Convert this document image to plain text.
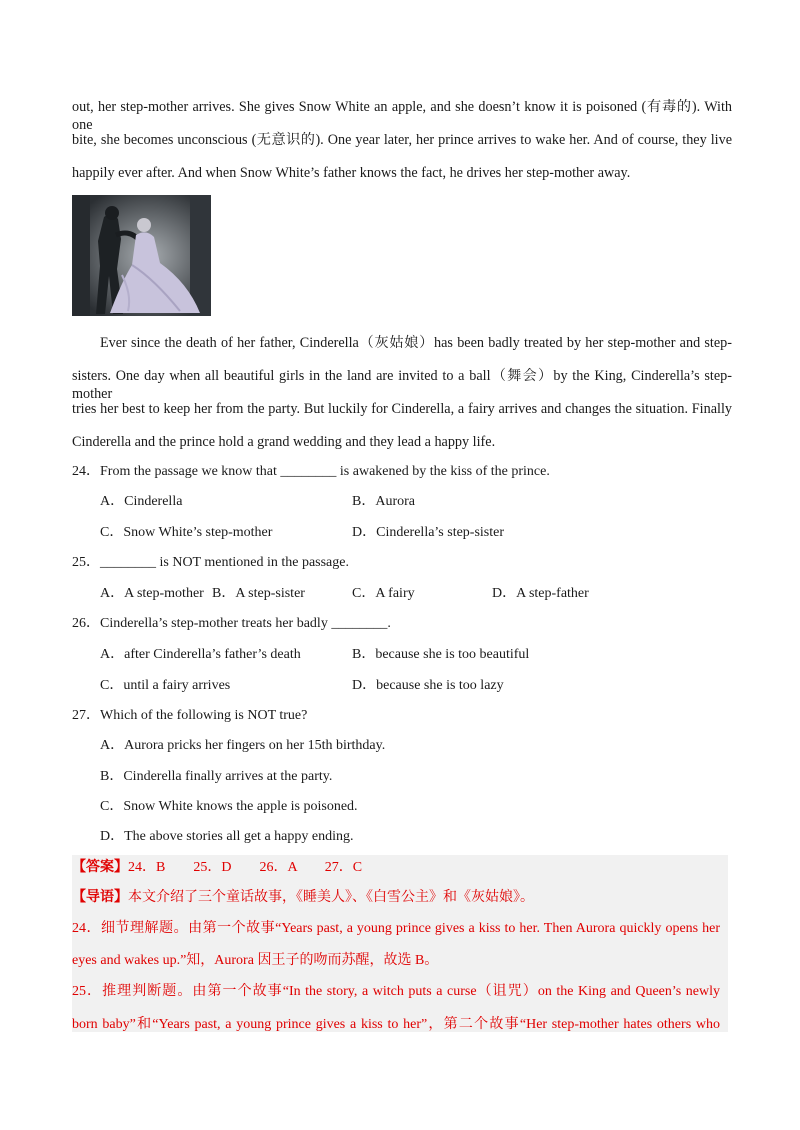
out, her step-mother arrives. She gives Snow White an apple, and she doesn’t know it is poisoned (有毒的). With one
bite, she becomes unconscious (无意识的). One year later, her prince arrives to wake her. And of course, they live
happily ever after. And when Snow White’s father knows the fact, he drives her step-mother away.
Ever since the death of her father, Cinderella（灰姑娘）has been badly treated by her step-mother and step-
sisters. One day when all beautiful girls in the land are invited to a ball（舞会）by the King, Cinderella’s step-mother
tries her best to keep her from the party. But luckily for Cinderella, a fairy arrives and changes the situation. Finally
Cinderella and the prince hold a grand wedding and they lead a happy life.
24．From the passage we know that ________ is awakened by the kiss of the prince.
A．Cinderella	B．Aurora
C．Snow White’s step-mother	D．Cinderella’s step-sister
25．________ is NOT mentioned in the passage.
A．A step-mother B．A step-sister	C．A fairy	D．A step-father
26．Cinderella’s step-mother treats her badly ________.
A．after Cinderella’s father’s death	B．because she is too beautiful
C．until a fairy arrives	D．because she is too lazy
27．Which of the following is NOT true?
A．Aurora pricks her fingers on her 15th birthday.
B．Cinderella finally arrives at the party.
C．Snow White knows the apple is poisoned.
D．The above stories all get a happy ending.
【答案】24．B　　25．D　　26．A　　27．C
【导语】本文介绍了三个童话故事，《睡美人》、《白雪公主》和《灰姑娘》。
24．细节理解题。由第一个故事“Years past, a young prince gives a kiss to her. Then Aurora quickly opens her
eyes and wakes up.”知，Aurora 因王子的吻而苏醒，故选 B。
25．推理判断题。由第一个故事“In the story, a witch puts a curse（诅咒）on the King and Queen’s newly
born baby”和“Years past, a young prince gives a kiss to her”，第二个故事“Her step-mother hates others who
